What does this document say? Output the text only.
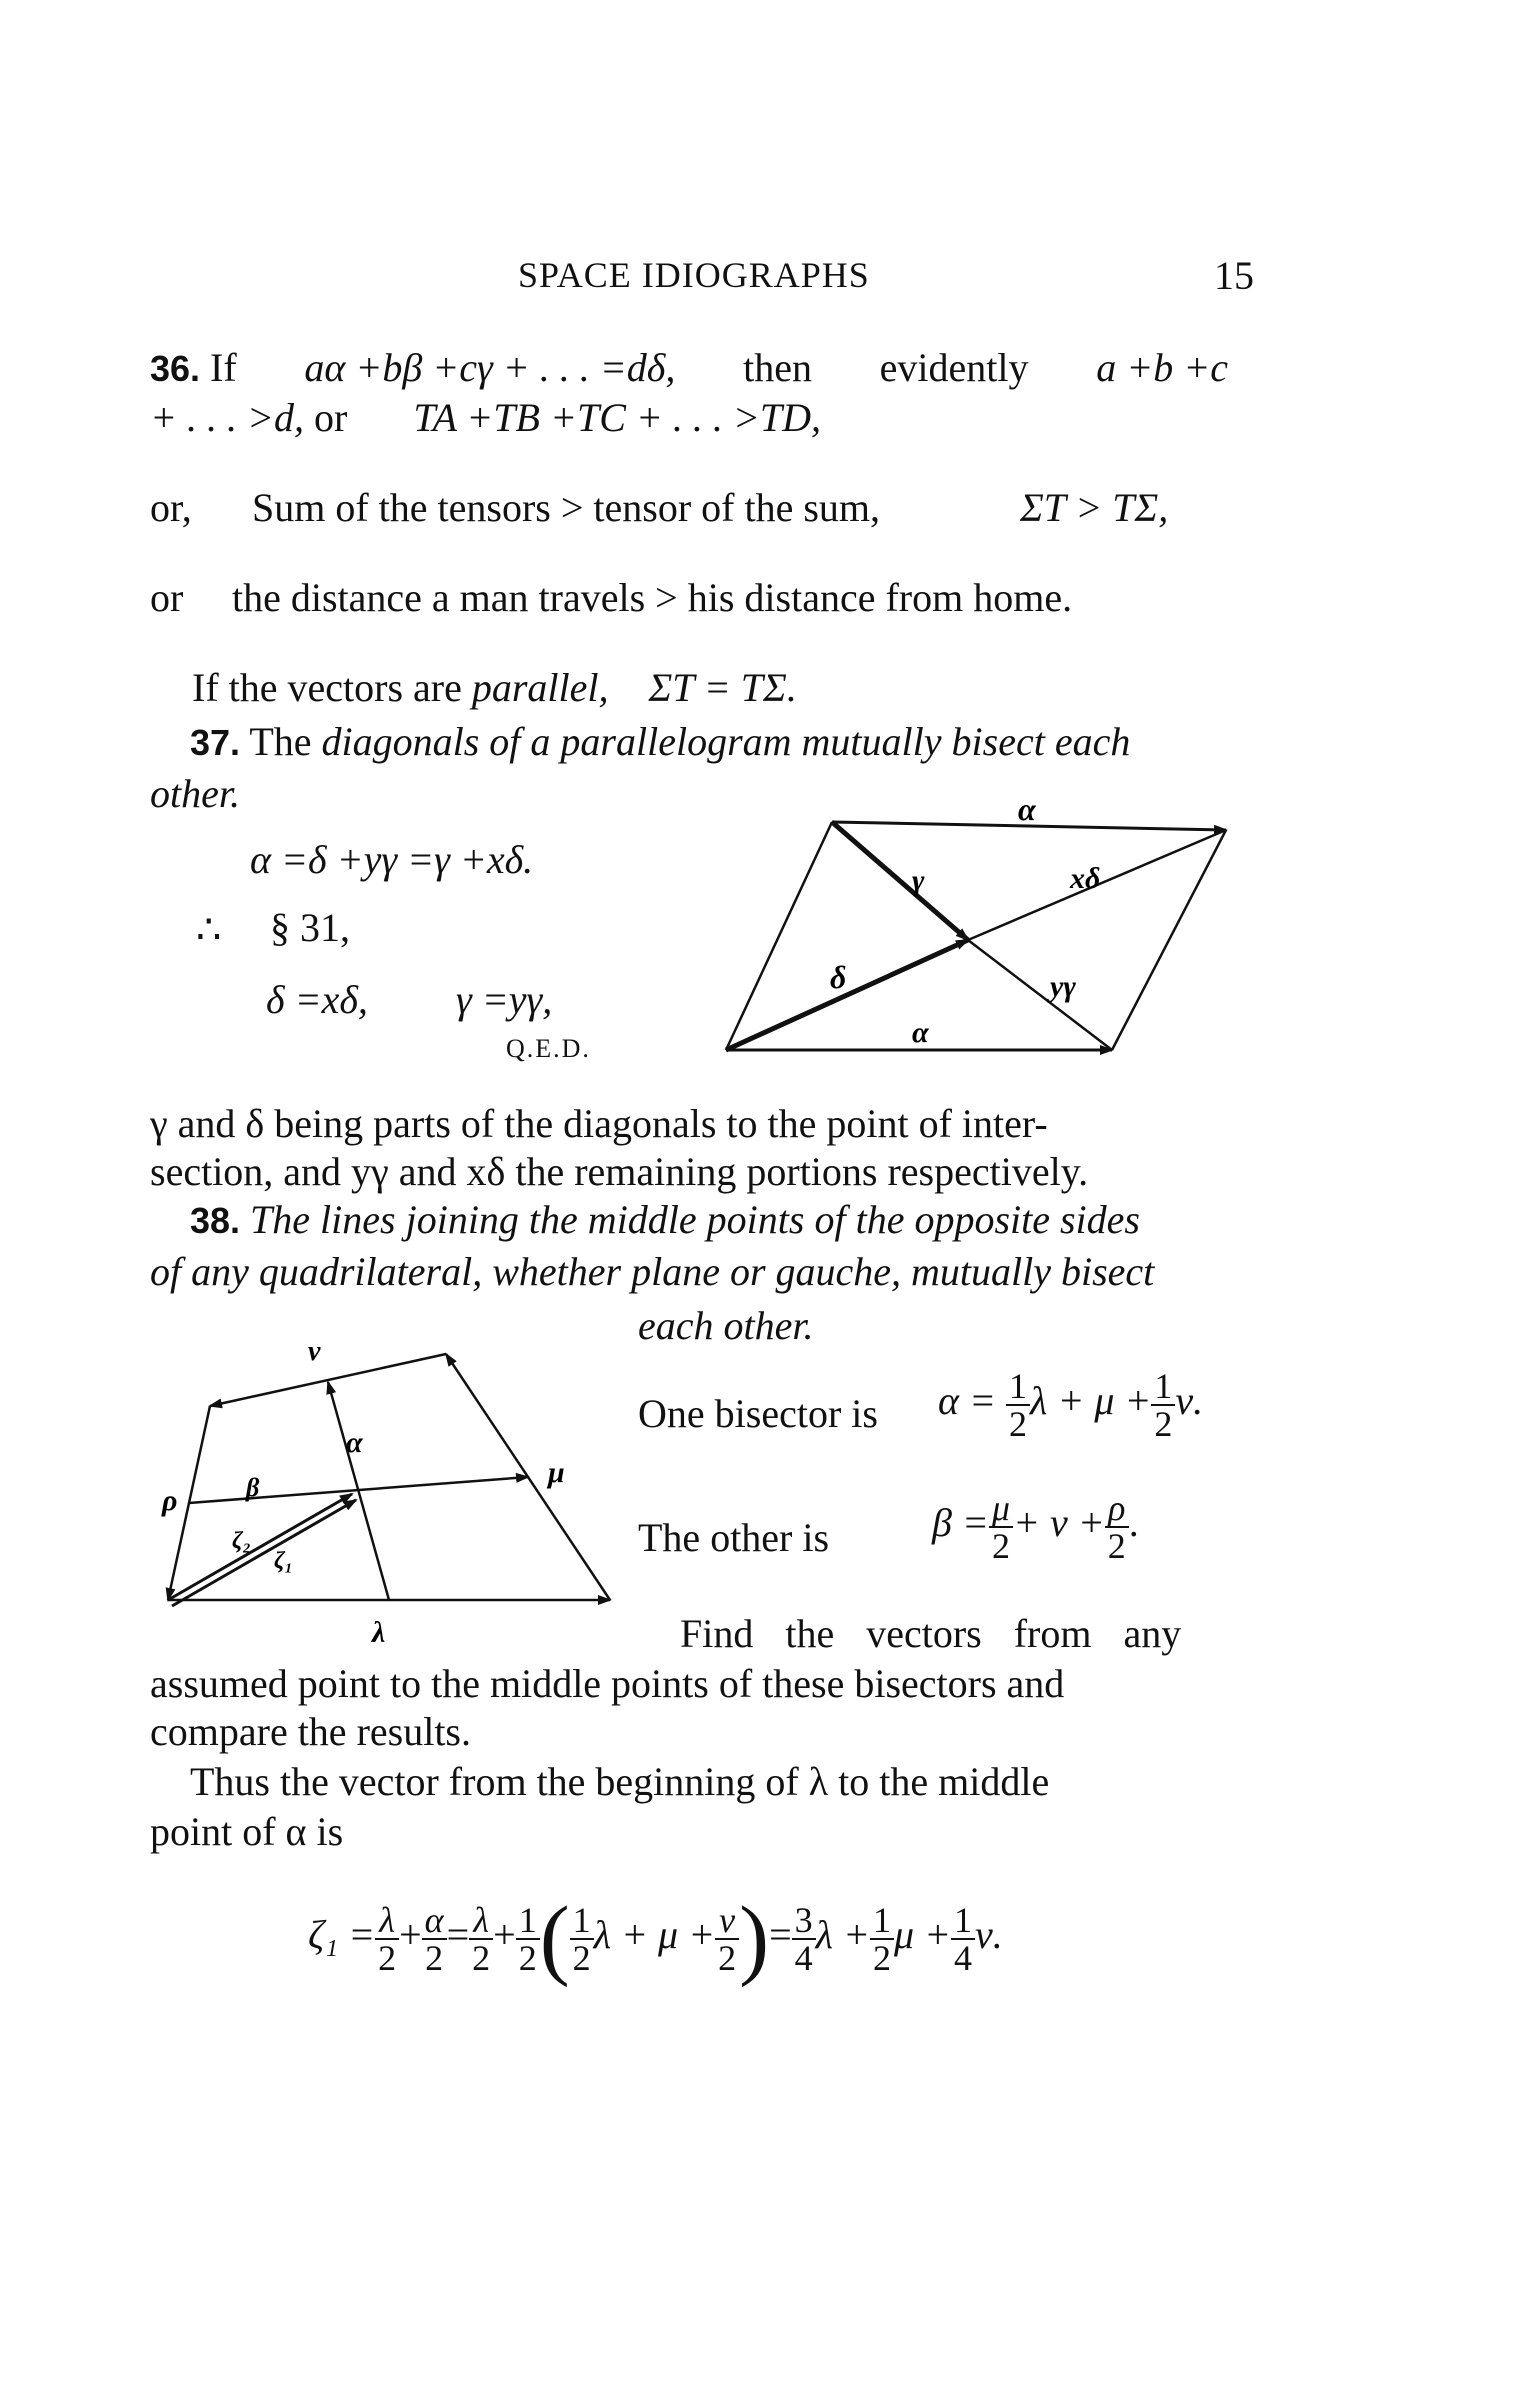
SPACE IDIOGRAPHS	15
36. If aα +bβ +cγ + . . . =dδ, then evidently a +b +c
+ . . . >d, or TA +TB +TC + . . . >TD,
or, Sum of the tensors > tensor of the sum,	ΣT > TΣ,
or the distance a man travels > his distance from home.
If the vectors are parallel, ΣT = TΣ.
37. The diagonals of a parallelogram mutually bisect each
other.
α =δ +yγ =γ +xδ.
∴ § 31,
δ =xδ, γ =yγ,
Q.E.D.
α
γ	xδ
δ	yγ
α
γ and δ being parts of the diagonals to the point of inter-
section, and yγ and xδ the remaining portions respectively.
38. The lines joining the middle points of the opposite sides
of any quadrilateral, whether plane or gauche, mutually bisect
each other.
ν
α
μ
ρ	β
ζ₂
ζ₁
λ
One bisector is $\alpha = \frac{1}{2}$ $\lambda + \mu + \frac{1}{2} \nu$.
The other is	$\beta = \frac{\mu}{2} + \nu + \frac{\rho}{2}$ .
Find the vectors from any
assumed point to the middle points of these bisectors and
compare the results.
Thus the vector from the beginning of λ to the middle
point of α is
$\zeta_1 = \frac{\lambda}{2} + \frac{\alpha}{2} = \frac{\lambda}{2} + \frac{1}{2}$ ( $\frac{1}{2}$ $\lambda + \mu + \frac{\nu}{2}$ )= $\frac{3}{4}$ $\lambda + \frac{1}{2}$ $\mu + \frac{1}{4} \nu$.
